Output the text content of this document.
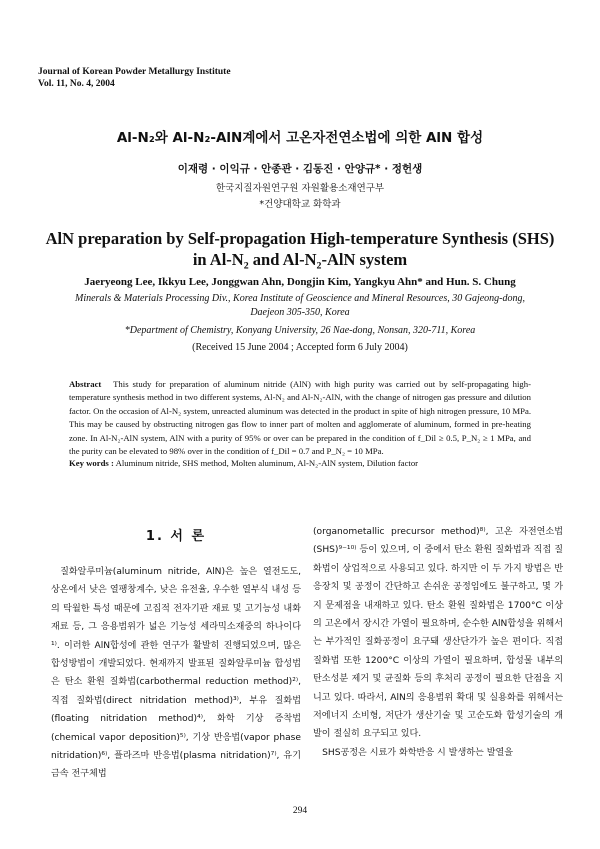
Journal of Korean Powder Metallurgy Institute
Vol. 11, No. 4, 2004
Al-N₂와 Al-N₂-AlN계에서 고온자전연소법에 의한 AlN 합성
이재령 · 이익규 · 안종관 · 김동진 · 안양규* · 정헌생
한국지질자원연구원 자원활용소재연구부
*건양대학교 화학과
AlN preparation by Self-propagation High-temperature Synthesis (SHS)
in Al-N₂ and Al-N₂-AlN system
Jaeryeong Lee, Ikkyu Lee, Jonggwan Ahn, Dongjin Kim, Yangkyu Ahn* and Hun. S. Chung
Minerals & Materials Processing Div., Korea Institute of Geoscience and Mineral Resources, 30 Gajeong-dong,
Daejeon 305-350, Korea
*Department of Chemistry, Konyang University, 26 Nae-dong, Nonsan, 320-711, Korea
(Received 15 June 2004 ; Accepted form 6 July 2004)
Abstract This study for preparation of aluminum nitride (AlN) with high purity was carried out by self-propagating high-temperature synthesis method in two different systems, Al-N₂ and Al-N₂-AlN, with the change of nitrogen gas pressure and dilution factor. On the occasion of Al-N₂ system, unreacted aluminum was detected in the product in spite of high nitrogen pressure, 10 MPa. This may be caused by obstructing nitrogen gas flow to inner part of molten and agglomerate of aluminum, formed in pre-heating zone. In Al-N₂-AlN system, AlN with a purity of 95% or over can be prepared in the condition of f_Dil ≥ 0.5, P_N₂ ≥ 1 MPa, and the purity can be elevated to 98% over in the condition of f_Dil = 0.7 and P_N₂ = 10 MPa.
Key words : Aluminum nitride, SHS method, Molten aluminum, Al-N₂-AlN system, Dilution factor
1. 서 론

질화알루미늄(aluminum nitride, AlN)은 높은 열전도도, 상온에서 낮은 열팽창계수, 낮은 유전율, 우수한 열부식 내성 등의 탁월한 특성 때문에 고집적 전자기판 재료 및 고기능성 내화재료 등, 그 응용범위가 넓은 기능성 세라믹소재중의 하나이다¹⁾. 이러한 AlN합성에 관한 연구가 활발히 진행되었으며, 많은 합성방법이 개발되었다. 현재까지 발표된 질화알루미늄 합성법은 탄소 환원 질화법(carbothermal reduction method)²⁾, 직접 질화법(direct nitridation method)³⁾, 부유 질화법(floating nitridation method)⁴⁾, 화학 기상 증착법(chemical vapor deposition)⁵⁾, 기상 반응법(vapor phase nitridation)⁶⁾, 플라즈마 반응법(plasma nitridation)⁷⁾, 유기금속 전구체법

(organometallic precursor method)⁸⁾, 고온 자전연소법(SHS)⁹⁻¹⁰⁾ 등이 있으며, 이 중에서 탄소 환원 질화법과 직접 질화법이 상업적으로 사용되고 있다. 하지만 이 두 가지 방법은 반응장치 및 공정이 간단하고 손쉬운 공정임에도 불구하고, 몇 가지 문제점을 내재하고 있다. 탄소 환원 질화법은 1700°C 이상의 고온에서 장시간 가열이 필요하며, 순수한 AlN합성을 위해서는 부가적인 질화공정이 요구돼 생산단가가 높은 편이다. 직접 질화법 또한 1200°C 이상의 가열이 필요하며, 합성물 내부의 탄소성분 제거 및 균질화 등의 후처리 공정이 필요한 단점을 지니고 있다. 따라서, AlN의 응용범위 확대 및 실용화를 위해서는 저에너지 소비형, 저단가 생산기술 및 고순도화 합성기술의 개발이 절실히 요구되고 있다.

SHS공정은 시료가 화학반응 시 발생하는 발열을

294
